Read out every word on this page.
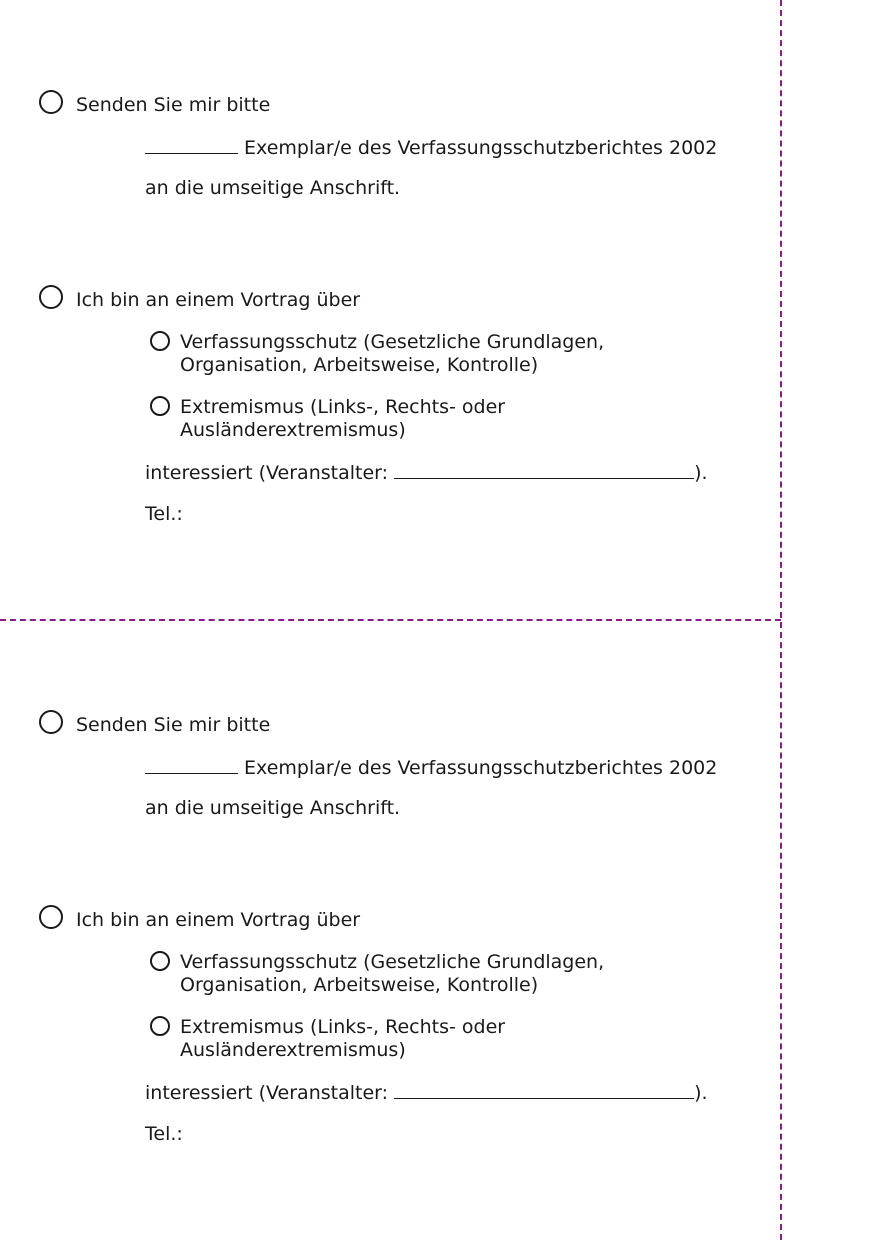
Senden Sie mir bitte
Exemplar/e des Verfassungsschutzberichtes 2002
an die umseitige Anschrift.
Ich bin an einem Vortrag über
Verfassungsschutz (Gesetzliche Grundlagen,
Organisation, Arbeitsweise, Kontrolle)
Extremismus (Links-, Rechts- oder
Ausländerextremismus)
interessiert (Veranstalter:	).
Tel.:
Senden Sie mir bitte
Exemplar/e des Verfassungsschutzberichtes 2002
an die umseitige Anschrift.
Ich bin an einem Vortrag über
Verfassungsschutz (Gesetzliche Grundlagen,
Organisation, Arbeitsweise, Kontrolle)
Extremismus (Links-, Rechts- oder
Ausländerextremismus)
interessiert (Veranstalter:	).
Tel.:
